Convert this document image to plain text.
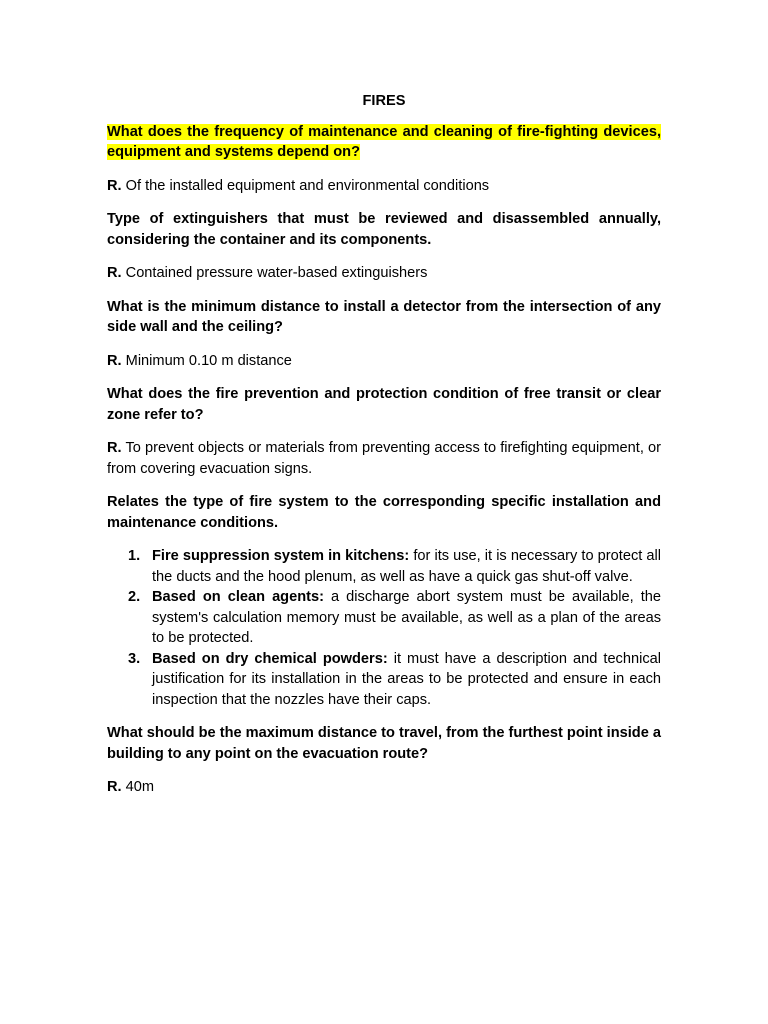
FIRES

What does the frequency of maintenance and cleaning of fire-fighting devices, equipment and systems depend on?

R. Of the installed equipment and environmental conditions

Type of extinguishers that must be reviewed and disassembled annually, considering the container and its components.

R. Contained pressure water-based extinguishers

What is the minimum distance to install a detector from the intersection of any side wall and the ceiling?

R. Minimum 0.10 m distance

What does the fire prevention and protection condition of free transit or clear zone refer to?

R. To prevent objects or materials from preventing access to firefighting equipment, or from covering evacuation signs.

Relates the type of fire system to the corresponding specific installation and maintenance conditions.

1. Fire suppression system in kitchens: for its use, it is necessary to protect all the ducts and the hood plenum, as well as have a quick gas shut-off valve.
2. Based on clean agents: a discharge abort system must be available, the system's calculation memory must be available, as well as a plan of the areas to be protected.
3. Based on dry chemical powders: it must have a description and technical justification for its installation in the areas to be protected and ensure in each inspection that the nozzles have their caps.

What should be the maximum distance to travel, from the furthest point inside a building to any point on the evacuation route?

R. 40m
